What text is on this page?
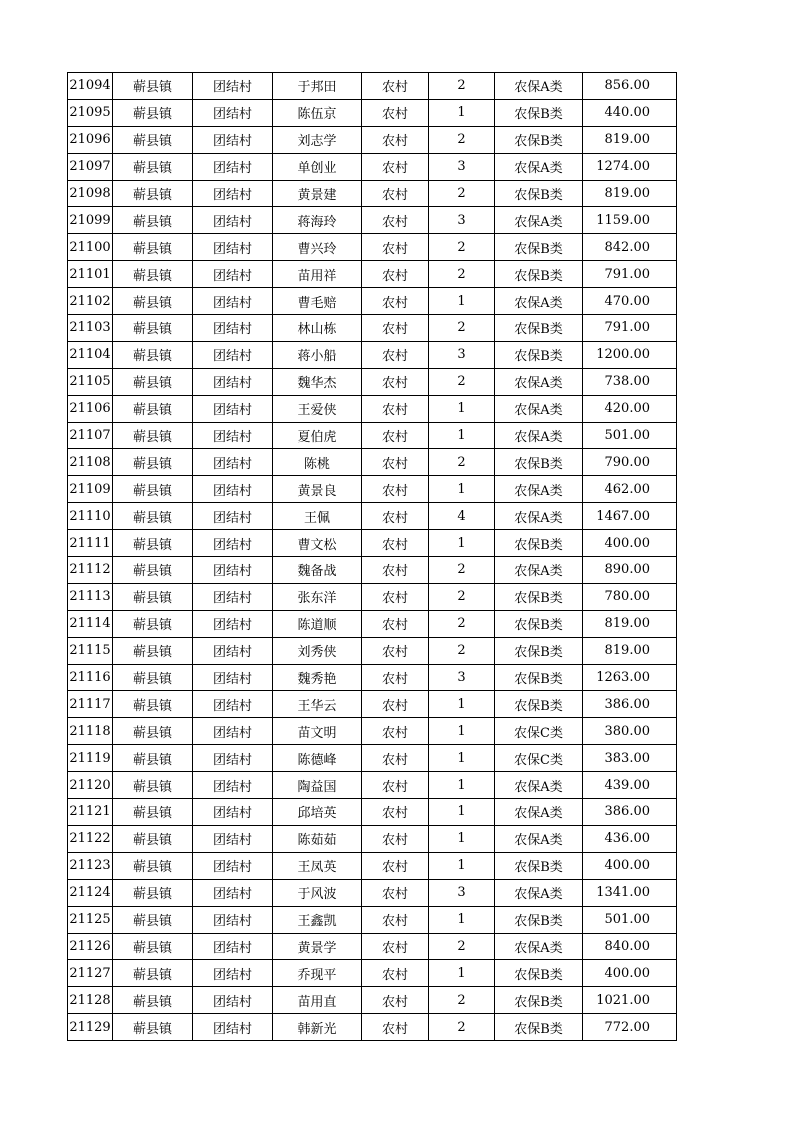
21094	蕲县镇	团结村	于邦田	农村	2	农保A类	856.00
21095	蕲县镇	团结村	陈伍京	农村	1	农保B类	440.00
21096	蕲县镇	团结村	刘志学	农村	2	农保B类	819.00
21097	蕲县镇	团结村	单创业	农村	3	农保A类	1274.00
21098	蕲县镇	团结村	黄景建	农村	2	农保B类	819.00
21099	蕲县镇	团结村	蒋海玲	农村	3	农保A类	1159.00
21100	蕲县镇	团结村	曹兴玲	农村	2	农保B类	842.00
21101	蕲县镇	团结村	苗用祥	农村	2	农保B类	791.00
21102	蕲县镇	团结村	曹毛赔	农村	1	农保A类	470.00
21103	蕲县镇	团结村	林山栋	农村	2	农保B类	791.00
21104	蕲县镇	团结村	蒋小船	农村	3	农保B类	1200.00
21105	蕲县镇	团结村	魏华杰	农村	2	农保A类	738.00
21106	蕲县镇	团结村	王爱侠	农村	1	农保A类	420.00
21107	蕲县镇	团结村	夏伯虎	农村	1	农保A类	501.00
21108	蕲县镇	团结村	陈桃	农村	2	农保B类	790.00
21109	蕲县镇	团结村	黄景良	农村	1	农保A类	462.00
21110	蕲县镇	团结村	王佩	农村	4	农保A类	1467.00
21111	蕲县镇	团结村	曹文松	农村	1	农保B类	400.00
21112	蕲县镇	团结村	魏备战	农村	2	农保A类	890.00
21113	蕲县镇	团结村	张东洋	农村	2	农保B类	780.00
21114	蕲县镇	团结村	陈道顺	农村	2	农保B类	819.00
21115	蕲县镇	团结村	刘秀侠	农村	2	农保B类	819.00
21116	蕲县镇	团结村	魏秀艳	农村	3	农保B类	1263.00
21117	蕲县镇	团结村	王华云	农村	1	农保B类	386.00
21118	蕲县镇	团结村	苗文明	农村	1	农保C类	380.00
21119	蕲县镇	团结村	陈德峰	农村	1	农保C类	383.00
21120	蕲县镇	团结村	陶益国	农村	1	农保A类	439.00
21121	蕲县镇	团结村	邱培英	农村	1	农保A类	386.00
21122	蕲县镇	团结村	陈茹茹	农村	1	农保A类	436.00
21123	蕲县镇	团结村	王凤英	农村	1	农保B类	400.00
21124	蕲县镇	团结村	于风波	农村	3	农保A类	1341.00
21125	蕲县镇	团结村	王鑫凯	农村	1	农保B类	501.00
21126	蕲县镇	团结村	黄景学	农村	2	农保A类	840.00
21127	蕲县镇	团结村	乔现平	农村	1	农保B类	400.00
21128	蕲县镇	团结村	苗用直	农村	2	农保B类	1021.00
21129	蕲县镇	团结村	韩新光	农村	2	农保B类	772.00
